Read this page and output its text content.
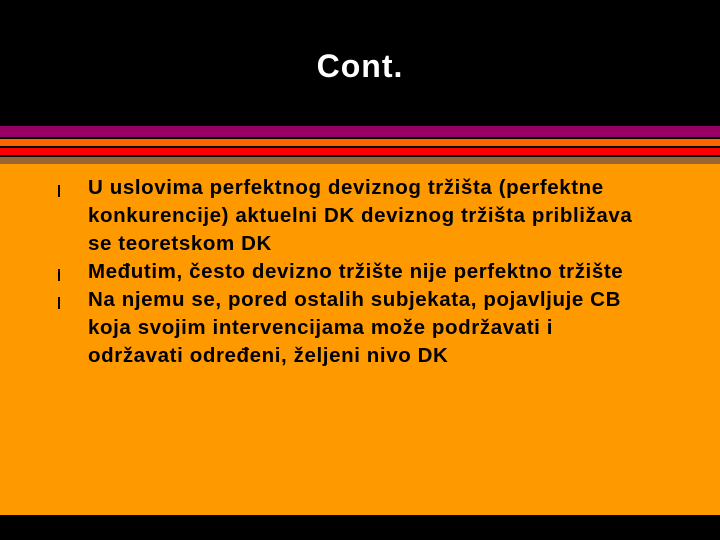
Cont.
U uslovima perfektnog deviznog tržišta (perfektne konkurencije) aktuelni DK deviznog tržišta približava se teoretskom DK
Međutim, često devizno tržište nije perfektno tržište
Na njemu se, pored ostalih subjekata, pojavljuje CB koja svojim intervencijama može podržavati i održavati određeni, željeni nivo DK
